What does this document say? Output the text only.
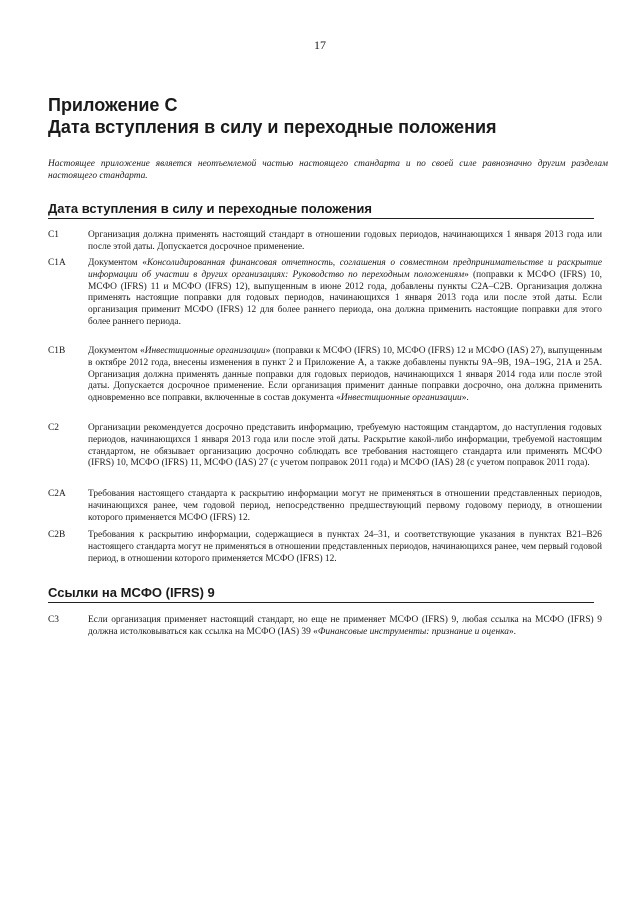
17
Приложение С
Дата вступления в силу и переходные положения

Настоящее приложение является неотъемлемой частью настоящего стандарта и по своей силе равнозначно другим разделам настоящего стандарта.

Дата вступления в силу и переходные положения
С1	Организация должна применять настоящий стандарт в отношении годовых периодов, начинающихся 1 января 2013 года или после этой даты. Допускается досрочное применение.
С1А	Документом «Консолидированная финансовая отчетность, соглашения о совместном предпринимательстве и раскрытие информации об участии в других организациях: Руководство по переходным положениям» (поправки к МСФО (IFRS) 10, МСФО (IFRS) 11 и МСФО (IFRS) 12), выпущенным в июне 2012 года, добавлены пункты С2А–С2В. Организация должна применять настоящие поправки для годовых периодов, начинающихся 1 января 2013 года или после этой даты. Если организация применит МСФО (IFRS) 12 для более раннего периода, она должна применить настоящие поправки для этого более раннего периода.
С1В	Документом «Инвестиционные организации» (поправки к МСФО (IFRS) 10, МСФО (IFRS) 12 и МСФО (IAS) 27), выпущенным в октябре 2012 года, внесены изменения в пункт 2 и Приложение А, а также добавлены пункты 9А–9В, 19А–19G, 21А и 25А. Организация должна применять данные поправки для годовых периодов, начинающихся 1 января 2014 года или после этой даты. Допускается досрочное применение. Если организация применит данные поправки досрочно, она должна применить одновременно все поправки, включенные в состав документа «Инвестиционные организации».
С2	Организации рекомендуется досрочно представить информацию, требуемую настоящим стандартом, до наступления годовых периодов, начинающихся 1 января 2013 года или после этой даты. Раскрытие какой-либо информации, требуемой настоящим стандартом, не обязывает организацию досрочно соблюдать все требования настоящего стандарта или применять МСФО (IFRS) 10, МСФО (IFRS) 11, МСФО (IAS) 27 (с учетом поправок 2011 года) и МСФО (IAS) 28 (с учетом поправок 2011 года).
С2А	Требования настоящего стандарта к раскрытию информации могут не применяться в отношении представленных периодов, начинающихся ранее, чем годовой период, непосредственно предшествующий первому годовому периоду, в отношении которого применяется МСФО (IFRS) 12.
С2В	Требования к раскрытию информации, содержащиеся в пунктах 24–31, и соответствующие указания в пунктах В21–В26 настоящего стандарта могут не применяться в отношении представленных периодов, начинающихся ранее, чем первый годовой период, в отношении которого применяется МСФО (IFRS) 12.
Ссылки на МСФО (IFRS) 9
С3	Если организация применяет настоящий стандарт, но еще не применяет МСФО (IFRS) 9, любая ссылка на МСФО (IFRS) 9 должна истолковываться как ссылка на МСФО (IAS) 39 «Финансовые инструменты: признание и оценка».
